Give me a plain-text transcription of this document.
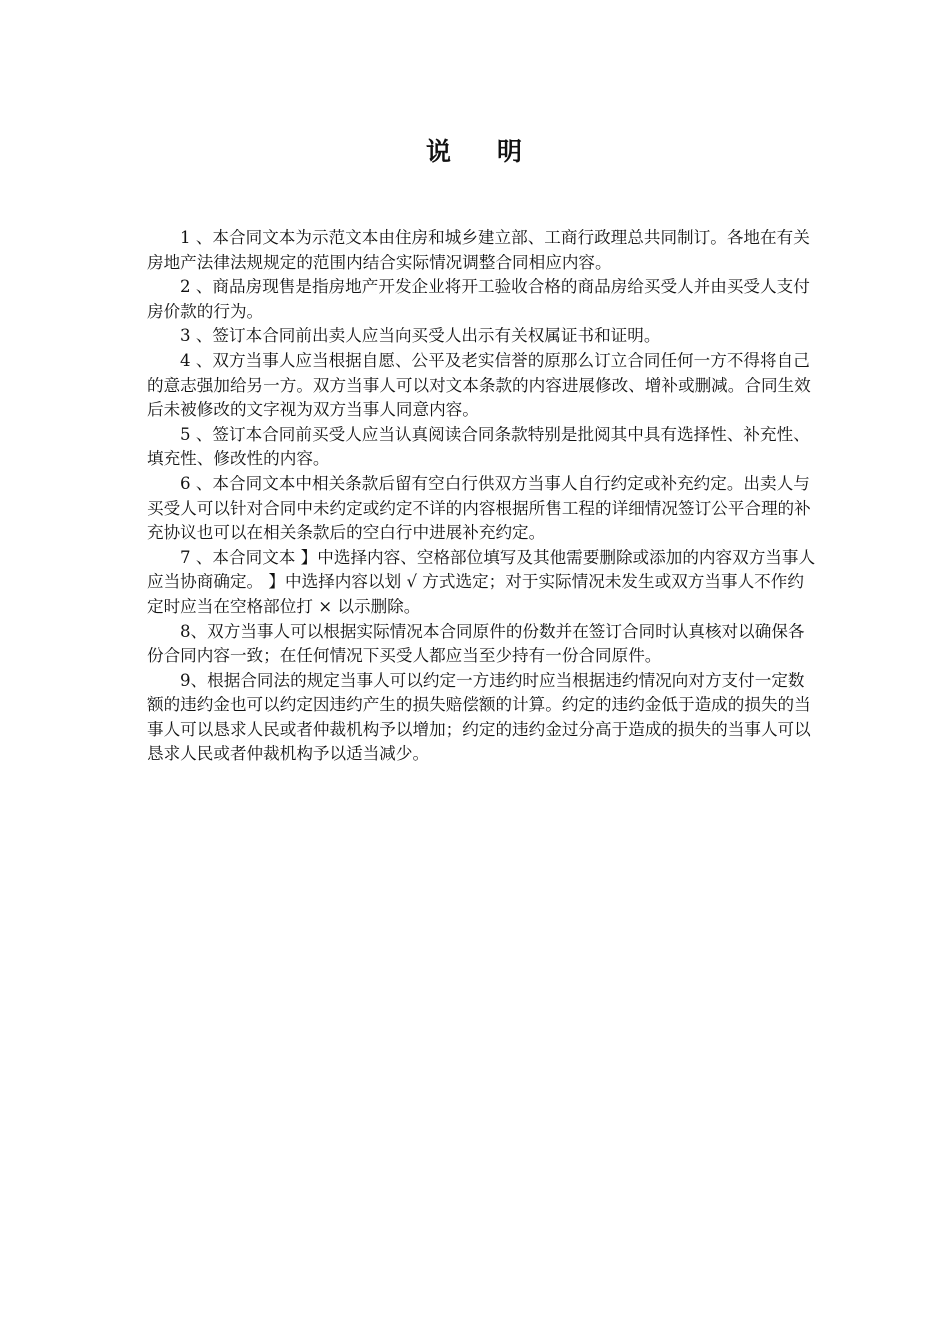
说 明

1 、本合同文本为示范文本由住房和城乡建立部、工商行政理总共同制订。各地在有关房地产法律法规规定的范围内结合实际情况调整合同相应内容。

2 、商品房现售是指房地产开发企业将开工验收合格的商品房给买受人并由买受人支付房价款的行为。

3 、签订本合同前出卖人应当向买受人出示有关权属证书和证明。

4 、双方当事人应当根据自愿、公平及老实信誉的原那么订立合同任何一方不得将自己的意志强加给另一方。双方当事人可以对文本条款的内容进展修改、增补或删减。合同生效后未被修改的文字视为双方当事人同意内容。

5 、签订本合同前买受人应当认真阅读合同条款特别是批阅其中具有选择性、补充性、填充性、修改性的内容。

6 、本合同文本中相关条款后留有空白行供双方当事人自行约定或补充约定。出卖人与买受人可以针对合同中未约定或约定不详的内容根据所售工程的详细情况签订公平合理的补充协议也可以在相关条款后的空白行中进展补充约定。

7 、本合同文本 】中选择内容、空格部位填写及其他需要删除或添加的内容双方当事人应当协商确定。 】中选择内容以划 √ 方式选定；对于实际情况未发生或双方当事人不作约定时应当在空格部位打 × 以示删除。

8、双方当事人可以根据实际情况本合同原件的份数并在签订合同时认真核对以确保各份合同内容一致；在任何情况下买受人都应当至少持有一份合同原件。

9、根据合同法的规定当事人可以约定一方违约时应当根据违约情况向对方支付一定数额的违约金也可以约定因违约产生的损失赔偿额的计算。约定的违约金低于造成的损失的当事人可以恳求人民或者仲裁机构予以增加；约定的违约金过分高于造成的损失的当事人可以恳求人民或者仲裁机构予以适当减少。
